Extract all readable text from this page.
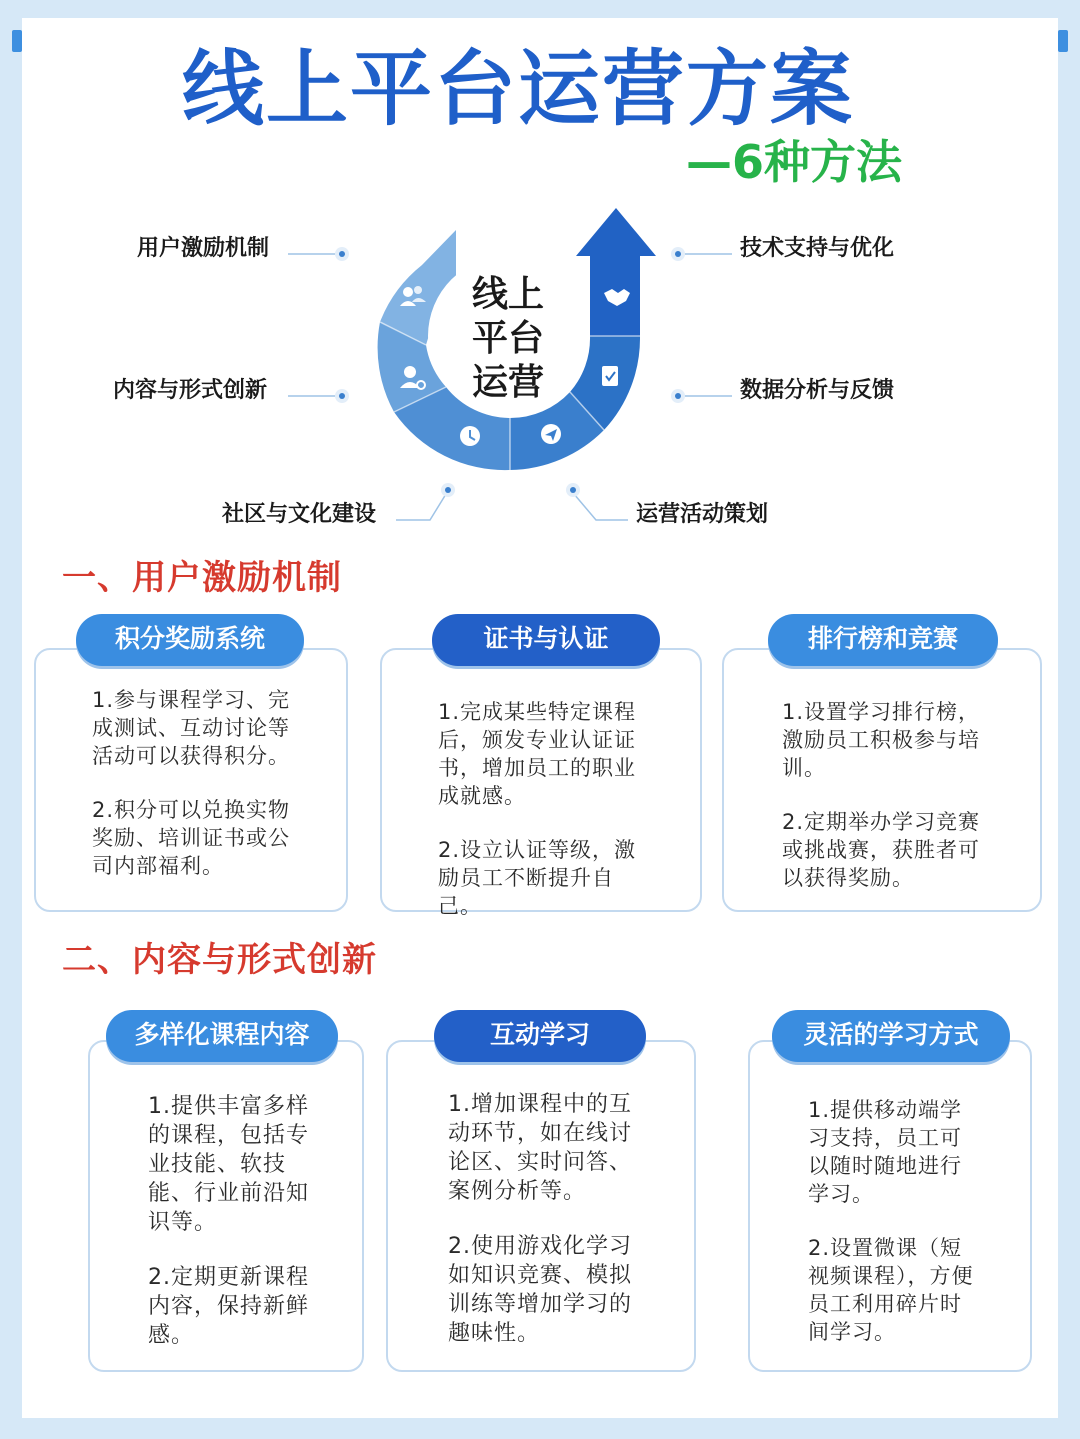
线上平台运营方案
—6种方法
线上
平台
运营
用户激励机制
内容与形式创新
社区与文化建设	运营活动策划
数据分析与反馈
技术支持与优化
一、用户激励机制

1.参与课程学习、完成测试、互动讨论等活动可以获得积分。

2.积分可以兑换实物奖励、培训证书或公司内部福利。

积分奖励系统

1.完成某些特定课程后，颁发专业认证证书，增加员工的职业成就感。

2.设立认证等级，激励员工不断提升自己。

证书与认证

1.设置学习排行榜，激励员工积极参与培训。

2.定期举办学习竞赛或挑战赛，获胜者可以获得奖励。

排行榜和竞赛
二、内容与形式创新

1.提供丰富多样的课程，包括专业技能、软技能、行业前沿知识等。

2.定期更新课程内容，保持新鲜感。

多样化课程内容

1.增加课程中的互动环节，如在线讨论区、实时问答、案例分析等。

2.使用游戏化学习如知识竞赛、模拟训练等增加学习的趣味性。

互动学习

1.提供移动端学习支持，员工可以随时随地进行学习。

2.设置微课（短视频课程），方便员工利用碎片时间学习。

灵活的学习方式
